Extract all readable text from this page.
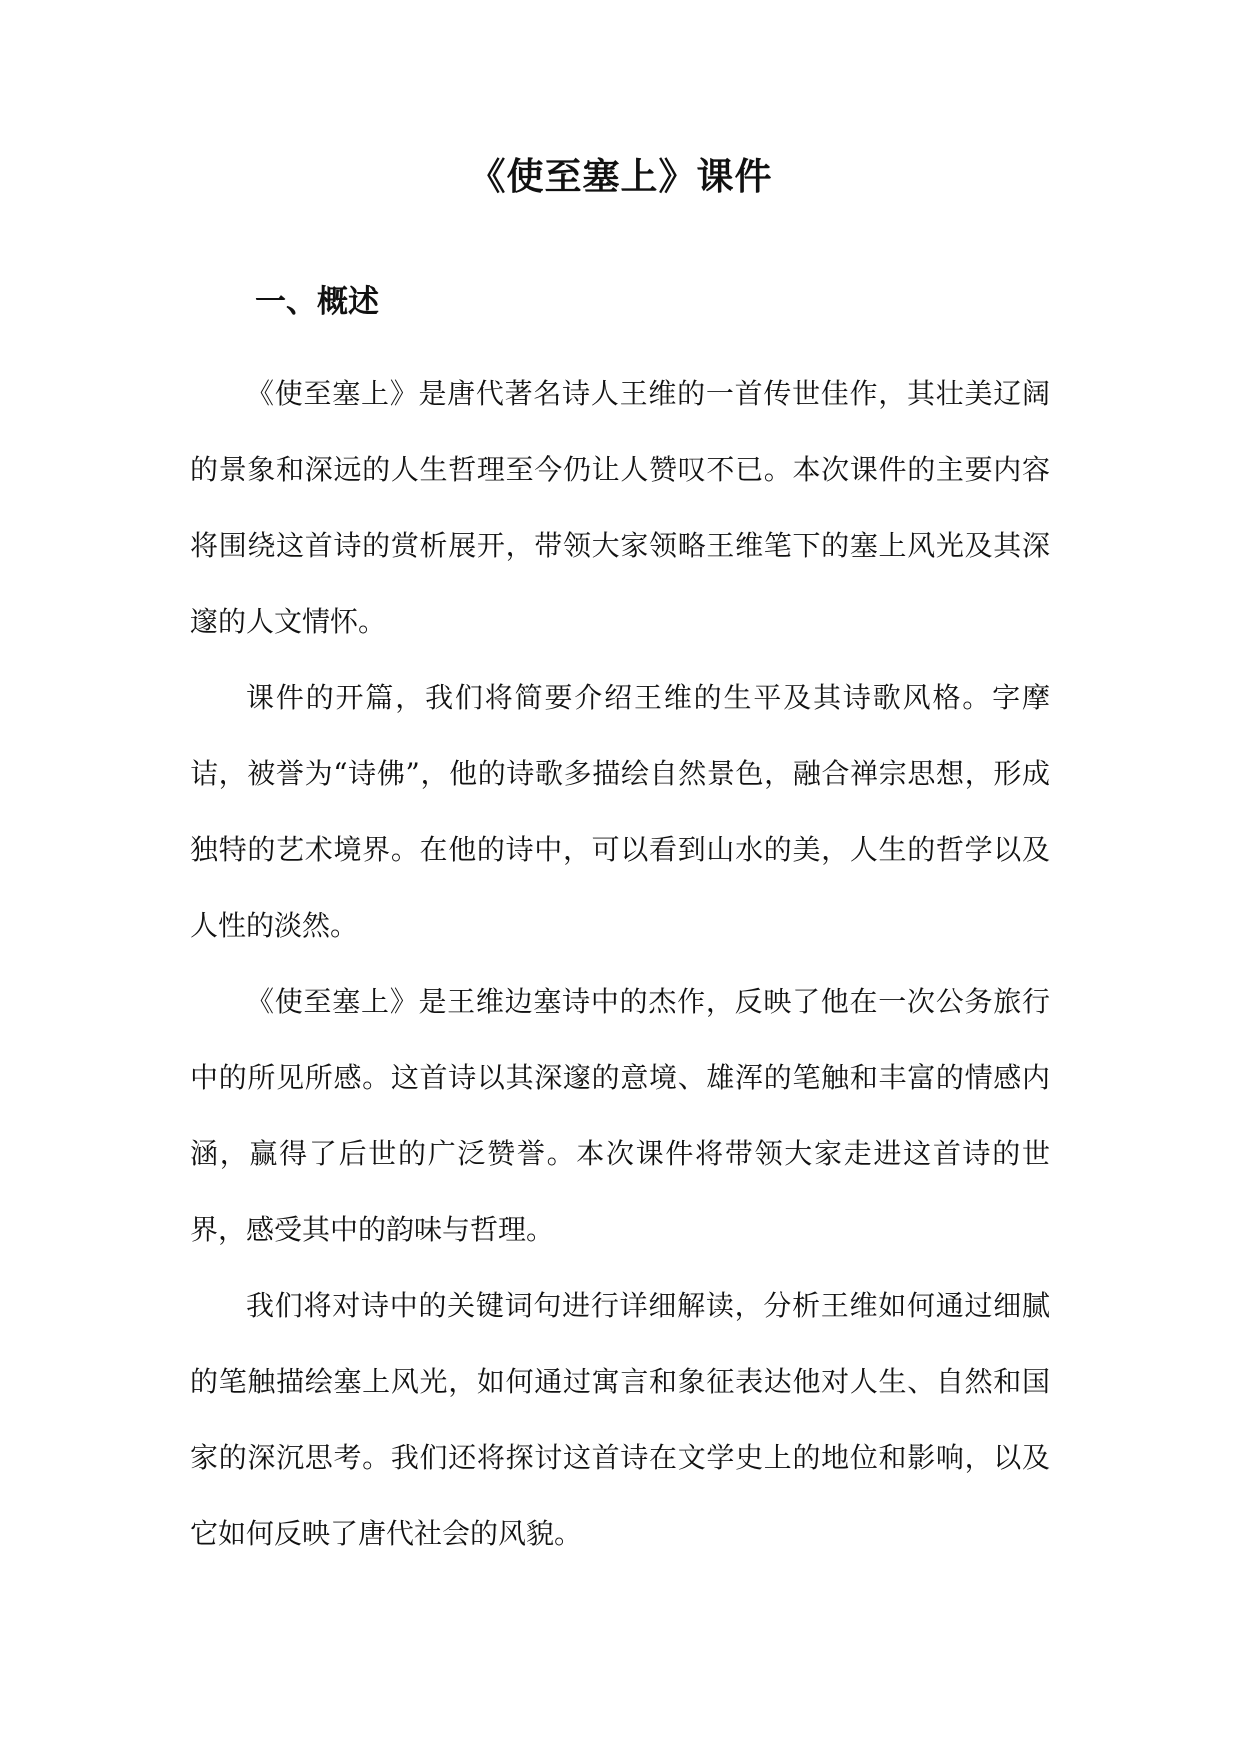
《使至塞上》课件
一、概述

《使至塞上》是唐代著名诗人王维的一首传世佳作，其壮美辽阔的景象和深远的人生哲理至今仍让人赞叹不已。本次课件的主要内容将围绕这首诗的赏析展开，带领大家领略王维笔下的塞上风光及其深邃的人文情怀。

课件的开篇，我们将简要介绍王维的生平及其诗歌风格。字摩诘，被誉为“诗佛”，他的诗歌多描绘自然景色，融合禅宗思想，形成独特的艺术境界。在他的诗中，可以看到山水的美，人生的哲学以及人性的淡然。

《使至塞上》是王维边塞诗中的杰作，反映了他在一次公务旅行中的所见所感。这首诗以其深邃的意境、雄浑的笔触和丰富的情感内涵，赢得了后世的广泛赞誉。本次课件将带领大家走进这首诗的世界，感受其中的韵味与哲理。

我们将对诗中的关键词句进行详细解读，分析王维如何通过细腻的笔触描绘塞上风光，如何通过寓言和象征表达他对人生、自然和国家的深沉思考。我们还将探讨这首诗在文学史上的地位和影响，以及它如何反映了唐代社会的风貌。
